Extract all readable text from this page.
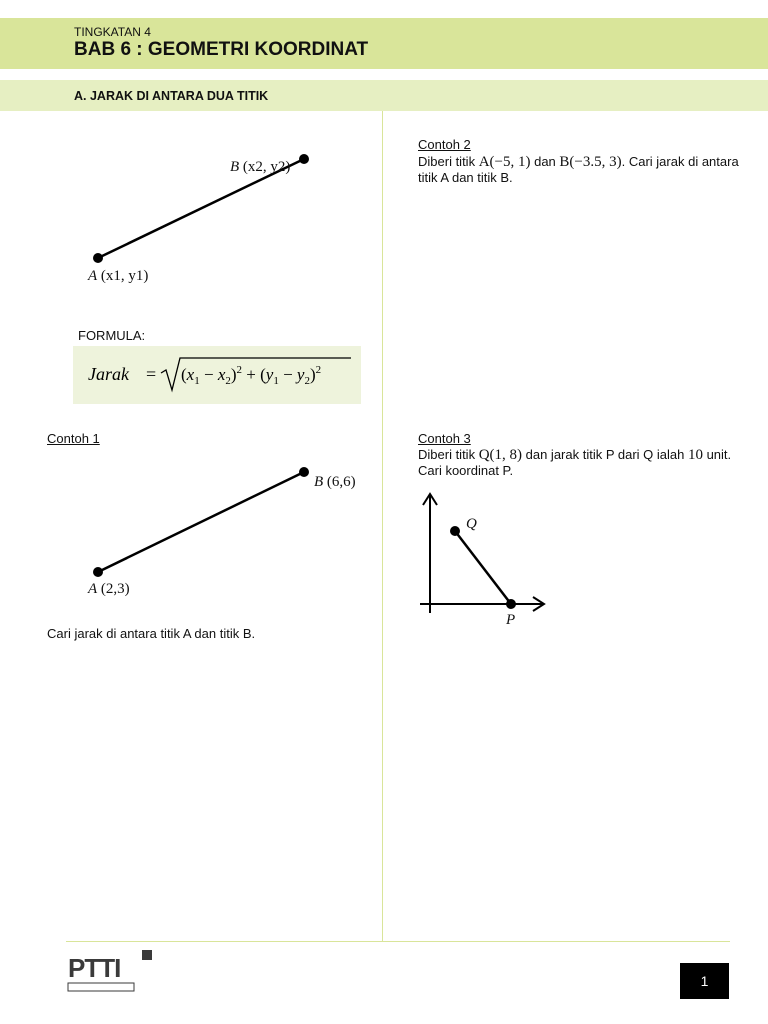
TINGKATAN 4
BAB 6 : GEOMETRI KOORDINAT
A. JARAK DI ANTARA DUA TITIK
B (x2, y2)
A (x1, y1)
FORMULA:
Jarak = $(x_1 - x_2)^2 + (y_1 - y_2)^2$
Contoh 1
B (6,6)
A (2,3)
Cari jarak di antara titik A dan titik B.
Contoh 2
Diberi titik A(−5, 1) dan B(−3.5, 3). Cari jarak di antara titik A dan titik B.
Contoh 3
Diberi titik Q(1, 8) dan jarak titik P dari Q ialah 10 unit. Cari koordinat P.
Q
P
PTTI	1
